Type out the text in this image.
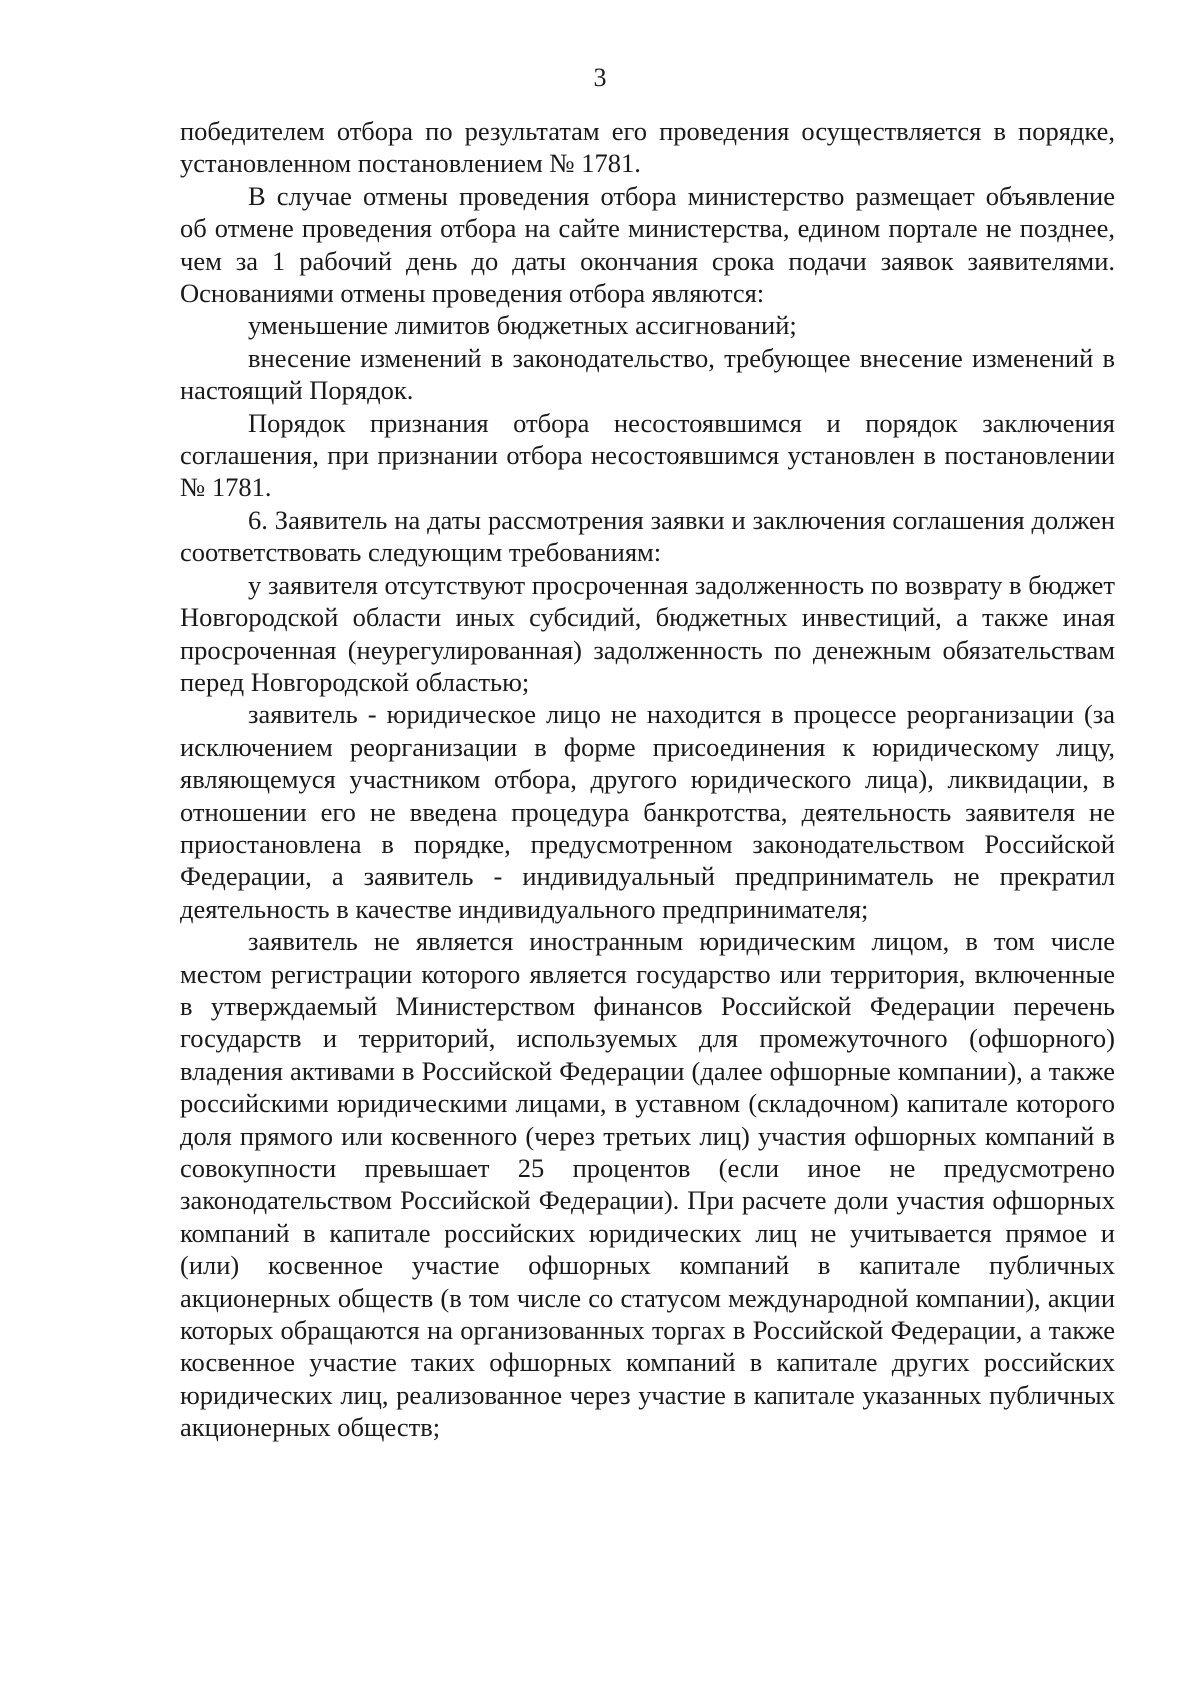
3

победителем отбора по результатам его проведения осуществляется в порядке, установленном постановлением № 1781.

В случае отмены проведения отбора министерство размещает объявление об отмене проведения отбора на сайте министерства, едином портале не позднее, чем за 1 рабочий день до даты окончания срока подачи заявок заявителями. Основаниями отмены проведения отбора являются:

уменьшение лимитов бюджетных ассигнований;

внесение изменений в законодательство, требующее внесение изменений в настоящий Порядок.

Порядок признания отбора несостоявшимся и порядок заключения соглашения, при признании отбора несостоявшимся установлен в постановлении № 1781.

6. Заявитель на даты рассмотрения заявки и заключения соглашения должен соответствовать следующим требованиям:

у заявителя отсутствуют просроченная задолженность по возврату в бюджет Новгородской области иных субсидий, бюджетных инвестиций, а также иная просроченная (неурегулированная) задолженность по денежным обязательствам перед Новгородской областью;

заявитель - юридическое лицо не находится в процессе реорганизации (за исключением реорганизации в форме присоединения к юридическому лицу, являющемуся участником отбора, другого юридического лица), ликвидации, в отношении его не введена процедура банкротства, деятельность заявителя не приостановлена в порядке, предусмотренном законодательством Российской Федерации, а заявитель - индивидуальный предприниматель не прекратил деятельность в качестве индивидуального предпринимателя;

заявитель не является иностранным юридическим лицом, в том числе местом регистрации которого является государство или территория, включенные в утверждаемый Министерством финансов Российской Федерации перечень государств и территорий, используемых для промежуточного (офшорного) владения активами в Российской Федерации (далее офшорные компании), а также российскими юридическими лицами, в уставном (складочном) капитале которого доля прямого или косвенного (через третьих лиц) участия офшорных компаний в совокупности превышает 25 процентов (если иное не предусмотрено законодательством Российской Федерации). При расчете доли участия офшорных компаний в капитале российских юридических лиц не учитывается прямое и (или) косвенное участие офшорных компаний в капитале публичных акционерных обществ (в том числе со статусом международной компании), акции которых обращаются на организованных торгах в Российской Федерации, а также косвенное участие таких офшорных компаний в капитале других российских юридических лиц, реализованное через участие в капитале указанных публичных акционерных обществ;
